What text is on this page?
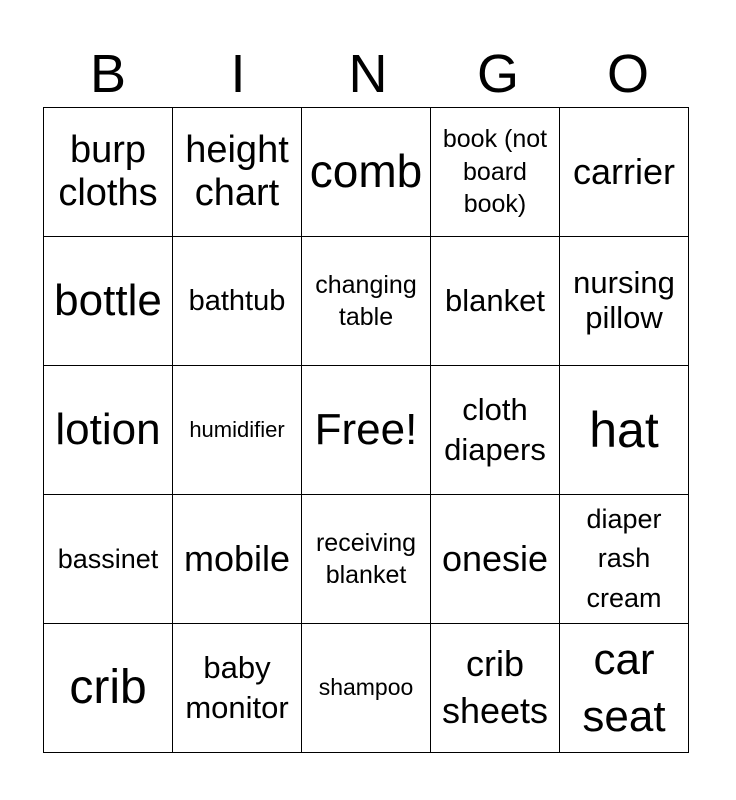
B	I	N	G	O
burp cloths	height chart	comb	book (not board book)	carrier
bottle	bathtub	changing table	blanket	nursing pillow
lotion	humidifier	Free!	cloth diapers	hat
bassinet	mobile	receiving blanket	onesie	diaper rash cream
crib	baby monitor	shampoo	crib sheets	car seat
